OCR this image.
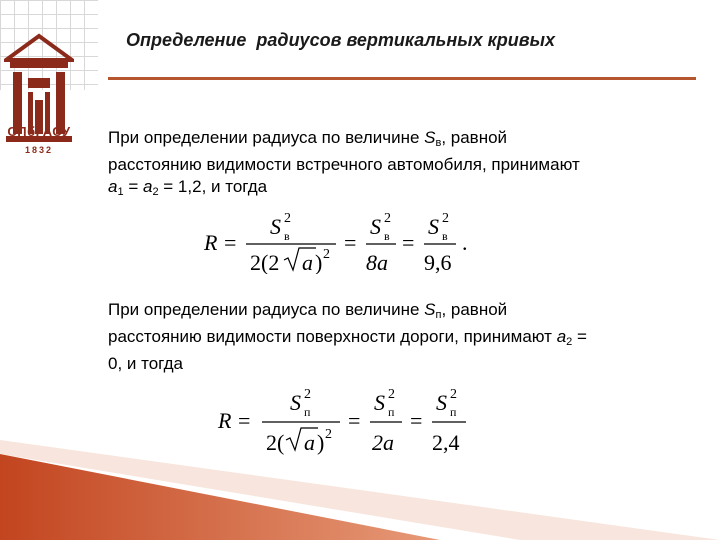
СПбГАСУ
1832
Определение  радиусов вертикальных кривых
При определении радиуса по величине $S_в$, равной
расстоянию видимости встречного автомобиля, принимают
$a_1 = a_2 = 1,2$, и тогда
R =
S в
2
2(2 a ) 2 =
S в
2
8a
=
S в
2
9,6
.
При определении радиуса по величине $S_п$, равной
расстоянию видимости поверхности дороги, принимают $a_2$ =
0, и тогда
R =
S п
2
2( a ) 2
=
S п
2
2a
=
S п
2
2,4
